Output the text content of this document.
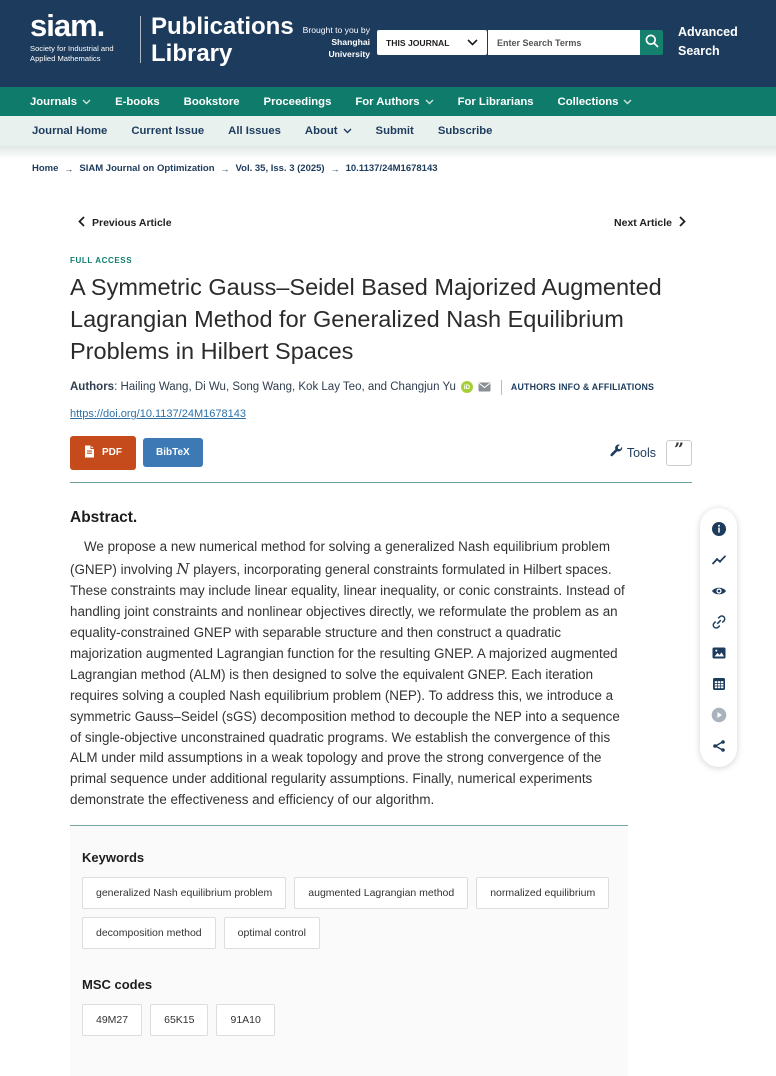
siam.
Society for Industrial and
Applied Mathematics
Publications
Library
Brought to you by
Shanghai
University
THIS JOURNAL
Enter Search Terms
Advanced
Search
Journals	E-books Bookstore Proceedings For Authors	For Librarians Collections
Journal Home Current Issue All Issues About	Submit Subscribe
Home → SIAM Journal on Optimization → Vol. 35, Iss. 3 (2025) → 10.1137/24M1678143
Previous Article	Next Article
FULL ACCESS
A Symmetric Gauss–Seidel Based Majorized Augmented Lagrangian Method for Generalized Nash Equilibrium Problems in Hilbert Spaces
Authors : Hailing Wang, Di Wu, Song Wang, Kok Lay Teo, and Changjun Yu	iD	AUTHORS INFO & AFFILIATIONS
https://doi.org/10.1137/24M1678143
PDF	BibTeX	Tools ”
Abstract.

We propose a new numerical method for solving a generalized Nash equilibrium problem (GNEP) involving N players, incorporating general constraints formulated in Hilbert spaces. These constraints may include linear equality, linear inequality, or conic constraints. Instead of handling joint constraints and nonlinear objectives directly, we reformulate the problem as an equality-constrained GNEP with separable structure and then construct a quadratic majorization augmented Lagrangian function for the resulting GNEP. A majorized augmented Lagrangian method (ALM) is then designed to solve the equivalent GNEP. Each iteration requires solving a coupled Nash equilibrium problem (NEP). To address this, we introduce a symmetric Gauss–Seidel (sGS) decomposition method to decouple the NEP into a sequence of single-objective unconstrained quadratic programs. We establish the convergence of this ALM under mild assumptions in a weak topology and prove the strong convergence of the primal sequence under additional regularity assumptions. Finally, numerical experiments demonstrate the effectiveness and efficiency of our algorithm.

Keywords
generalized Nash equilibrium problem	augmented Lagrangian method	normalized equilibrium
decomposition method	optimal control
MSC codes
49M27	65K15	91A10
